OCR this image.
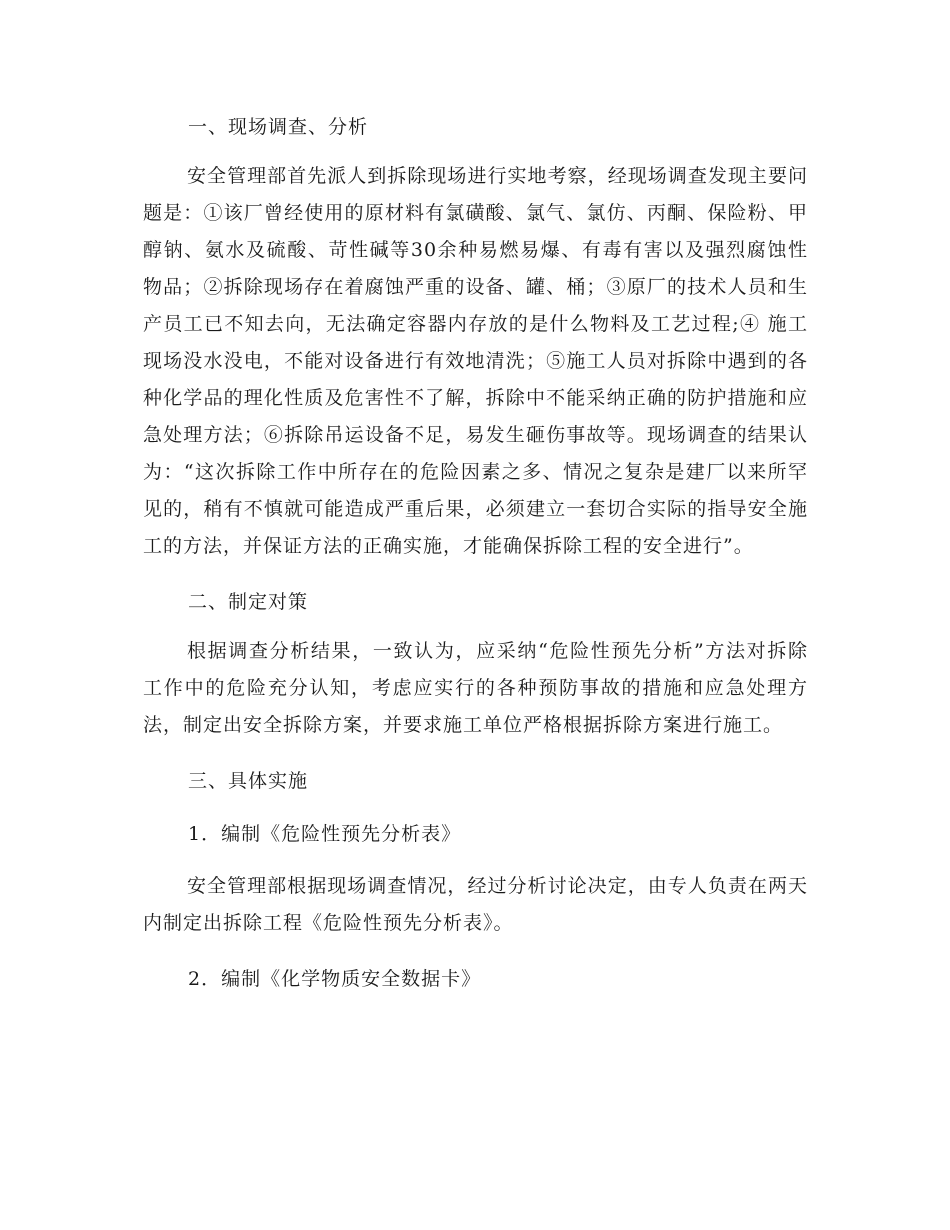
一、现场调查、分析

安全管理部首先派人到拆除现场进行实地考察，经现场调查发现主要问题是：①该厂曾经使用的原材料有氯磺酸、氯气、氯仿、丙酮、保险粉、甲醇钠、氨水及硫酸、苛性碱等30余种易燃易爆、有毒有害以及强烈腐蚀性物品；②拆除现场存在着腐蚀严重的设备、罐、桶；③原厂的技术人员和生产员工已不知去向，无法确定容器内存放的是什么物料及工艺过程;④ 施工现场没水没电，不能对设备进行有效地清洗；⑤施工人员对拆除中遇到的各种化学品的理化性质及危害性不了解，拆除中不能采纳正确的防护措施和应急处理方法；⑥拆除吊运设备不足，易发生砸伤事故等。现场调查的结果认为：“这次拆除工作中所存在的危险因素之多、情况之复杂是建厂以来所罕见的，稍有不慎就可能造成严重后果，必须建立一套切合实际的指导安全施工的方法，并保证方法的正确实施，才能确保拆除工程的安全进行”。

二、制定对策

根据调查分析结果，一致认为，应采纳“危险性预先分析”方法对拆除工作中的危险充分认知，考虑应实行的各种预防事故的措施和应急处理方法，制定出安全拆除方案，并要求施工单位严格根据拆除方案进行施工。

三、具体实施
1．编制《危险性预先分析表》

安全管理部根据现场调查情况，经过分析讨论决定，由专人负责在两天内制定出拆除工程《危险性预先分析表》。

2．编制《化学物质安全数据卡》
